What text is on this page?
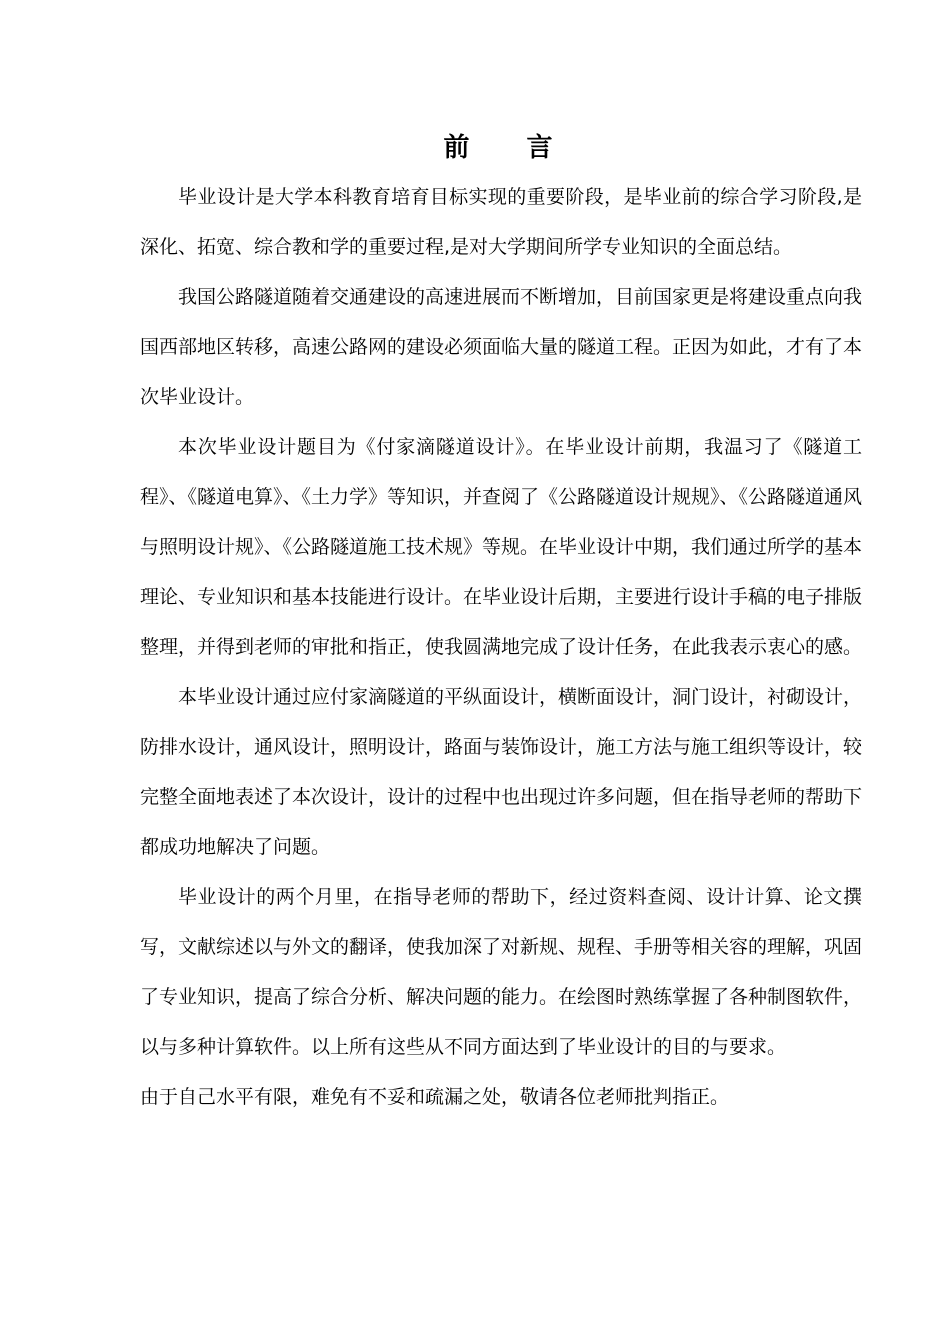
前 言

毕业设计是大学本科教育培育目标实现的重要阶段，是毕业前的综合学习阶段,是深化、拓宽、综合教和学的重要过程,是对大学期间所学专业知识的全面总结。

我国公路隧道随着交通建设的高速进展而不断增加，目前国家更是将建设重点向我国西部地区转移，高速公路网的建设必须面临大量的隧道工程。正因为如此，才有了本次毕业设计。

本次毕业设计题目为《付家滴隧道设计》。在毕业设计前期，我温习了《隧道工程》、《隧道电算》、《土力学》等知识，并查阅了《公路隧道设计规规》、《公路隧道通风与照明设计规》、《公路隧道施工技术规》等规。在毕业设计中期，我们通过所学的基本理论、专业知识和基本技能进行设计。在毕业设计后期，主要进行设计手稿的电子排版整理，并得到老师的审批和指正，使我圆满地完成了设计任务，在此我表示衷心的感。

本毕业设计通过应付家滴隧道的平纵面设计，横断面设计，洞门设计，衬砌设计，防排水设计，通风设计，照明设计，路面与装饰设计，施工方法与施工组织等设计，较完整全面地表述了本次设计，设计的过程中也出现过许多问题，但在指导老师的帮助下都成功地解决了问题。

毕业设计的两个月里，在指导老师的帮助下，经过资料查阅、设计计算、论文撰写，文献综述以与外文的翻译，使我加深了对新规、规程、手册等相关容的理解，巩固了专业知识，提高了综合分析、解决问题的能力。在绘图时熟练掌握了各种制图软件，以与多种计算软件。以上所有这些从不同方面达到了毕业设计的目的与要求。

由于自己水平有限，难免有不妥和疏漏之处，敬请各位老师批判指正。
